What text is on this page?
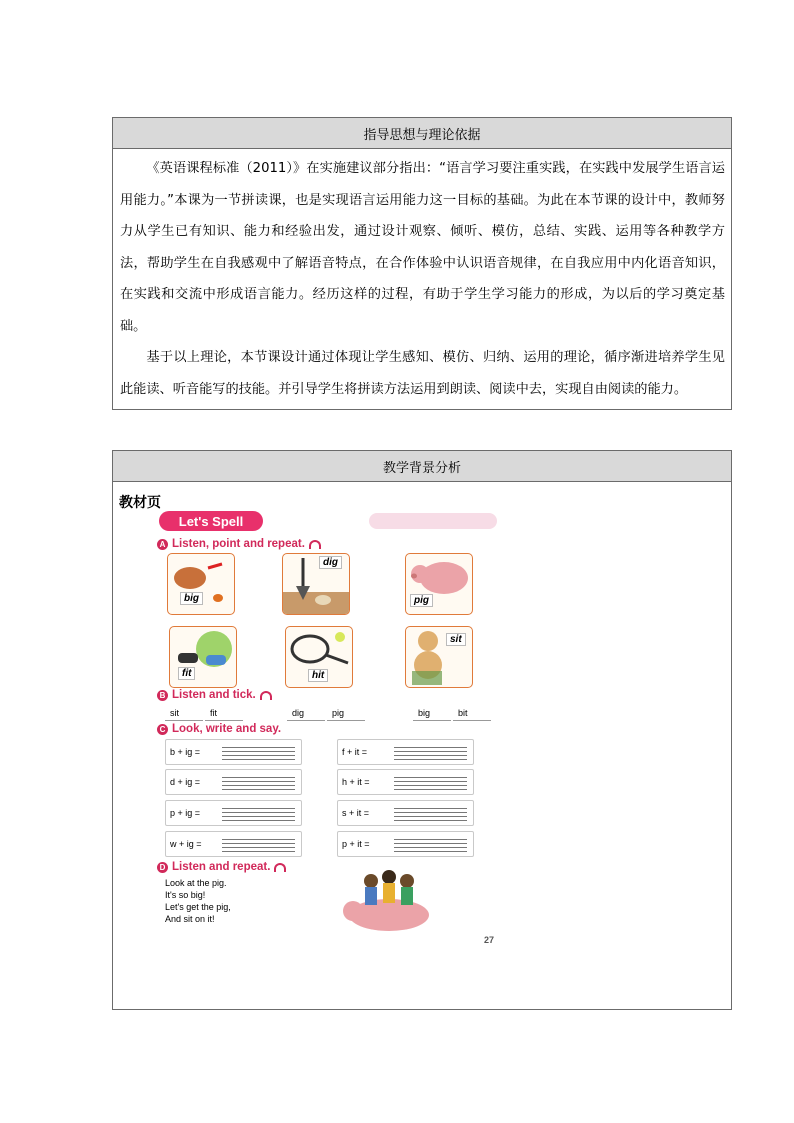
指导思想与理论依据

《英语课程标准（2011）》在实施建议部分指出：“语言学习要注重实践，在实践中发展学生语言运用能力。”本课为一节拼读课，也是实现语言运用能力这一目标的基础。为此在本节课的设计中，教师努力从学生已有知识、能力和经验出发，通过设计观察、倾听、模仿，总结、实践、运用等各种教学方法，帮助学生在自我感观中了解语音特点，在合作体验中认识语音规律，在自我应用中内化语音知识，在实践和交流中形成语言能力。经历这样的过程，有助于学生学习能力的形成，为以后的学习奠定基础。

基于以上理论，本节课设计通过体现让学生感知、模仿、归纳、运用的理论，循序渐进培养学生见此能读、听音能写的技能。并引导学生将拼读方法运用到朗读、阅读中去，实现自由阅读的能力。

教学背景分析
教材页
Let's Spell
A Listen, point and repeat.
big
dig
pig
fit	hit
sit
B Listen and tick.
sit	fit	dig	pig	big	bit
C Look, write and say.
b + ig =	f + it =
d + ig =	h + it =
p + ig =	s + it =
w + ig =	p + it =
D Listen and repeat.
Look at the pig.
It's so big!
Let's get the pig,
And sit on it!
27
